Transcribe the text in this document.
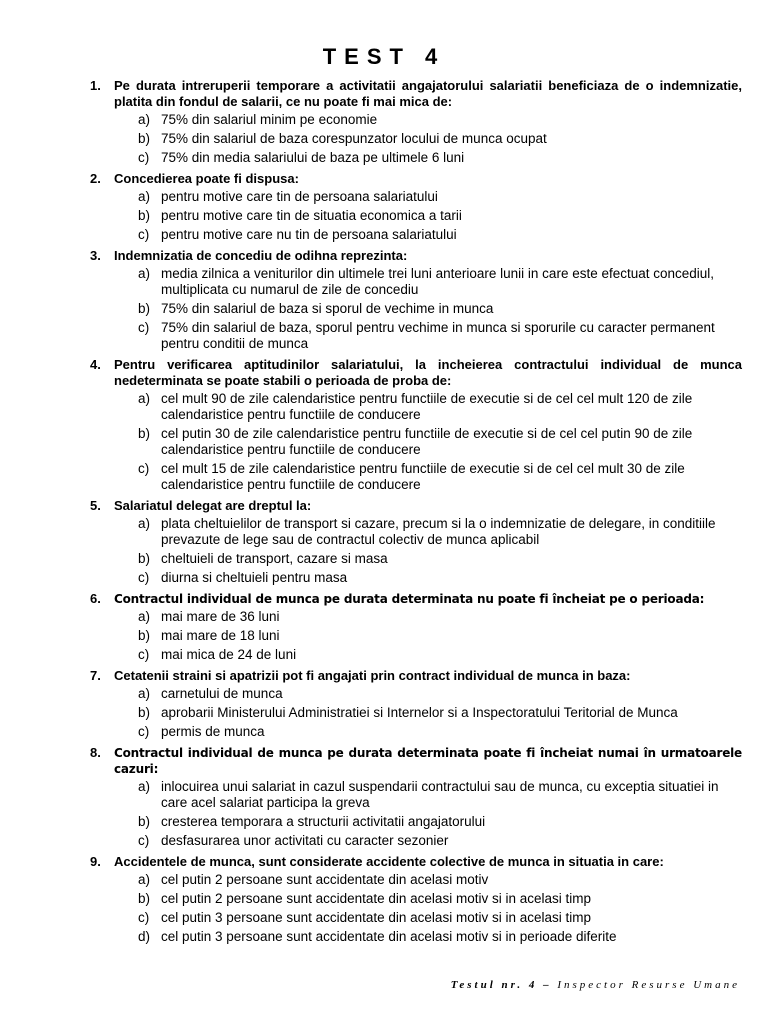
TEST 4
1. Pe durata intreruperii temporare a activitatii angajatorului salariatii beneficiaza de o indemnizatie, platita din fondul de salarii, ce nu poate fi mai mica de:
a) 75% din salariul minim pe economie
b) 75% din salariul de baza corespunzator locului de munca ocupat
c) 75% din media salariului de baza pe ultimele 6 luni
2. Concedierea poate fi dispusa:
a) pentru motive care tin de persoana salariatului
b) pentru motive care tin de situatia economica a tarii
c) pentru motive care nu tin de persoana salariatului
3. Indemnizatia de concediu de odihna reprezinta:
a) media zilnica a veniturilor din ultimele trei luni anterioare lunii in care este efectuat concediul, multiplicata cu numarul de zile de concediu
b) 75% din salariul de baza si sporul de vechime in munca
c) 75% din salariul de baza, sporul pentru vechime in munca si sporurile cu caracter permanent pentru conditii de munca
4. Pentru verificarea aptitudinilor salariatului, la incheierea contractului individual de munca nedeterminata se poate stabili o perioada de proba de:
a) cel mult 90 de zile calendaristice pentru functiile de executie si de cel cel mult 120 de zile calendaristice pentru functiile de conducere
b) cel putin 30 de zile calendaristice pentru functiile de executie si de cel cel putin 90 de zile calendaristice pentru functiile de conducere
c) cel mult 15 de zile calendaristice pentru functiile de executie si de cel cel mult 30 de zile calendaristice pentru functiile de conducere
5. Salariatul delegat are dreptul la:
a) plata cheltuielilor de transport si cazare, precum si la o indemnizatie de delegare, in conditiile prevazute de lege sau de contractul colectiv de munca aplicabil
b) cheltuieli de transport, cazare si masa
c) diurna si cheltuieli pentru masa
6. Contractul individual de munca pe durata determinata nu poate fi încheiat pe o perioada:
a) mai mare de 36 luni
b) mai mare de 18 luni
c) mai mica de 24 de luni
7. Cetatenii straini si apatrizii pot fi angajati prin contract individual de munca in baza:
a) carnetului de munca
b) aprobarii Ministerului Administratiei si Internelor si a Inspectoratului Teritorial de Munca
c) permis de munca
8. Contractul individual de munca pe durata determinata poate fi încheiat numai în urmatoarele cazuri:
a) inlocuirea unui salariat in cazul suspendarii contractului sau de munca, cu exceptia situatiei in care acel salariat participa la greva
b) cresterea temporara a structurii activitatii angajatorului
c) desfasurarea unor activitati cu caracter sezonier
9. Accidentele de munca, sunt considerate accidente colective de munca in situatia in care:
a) cel putin 2 persoane sunt accidentate din acelasi motiv
b) cel putin 2 persoane sunt accidentate din acelasi motiv si in acelasi timp
c) cel putin 3 persoane sunt accidentate din acelasi motiv si in acelasi timp
d) cel putin 3 persoane sunt accidentate din acelasi motiv si in perioade diferite
Testul nr. 4 – Inspector Resurse Umane
